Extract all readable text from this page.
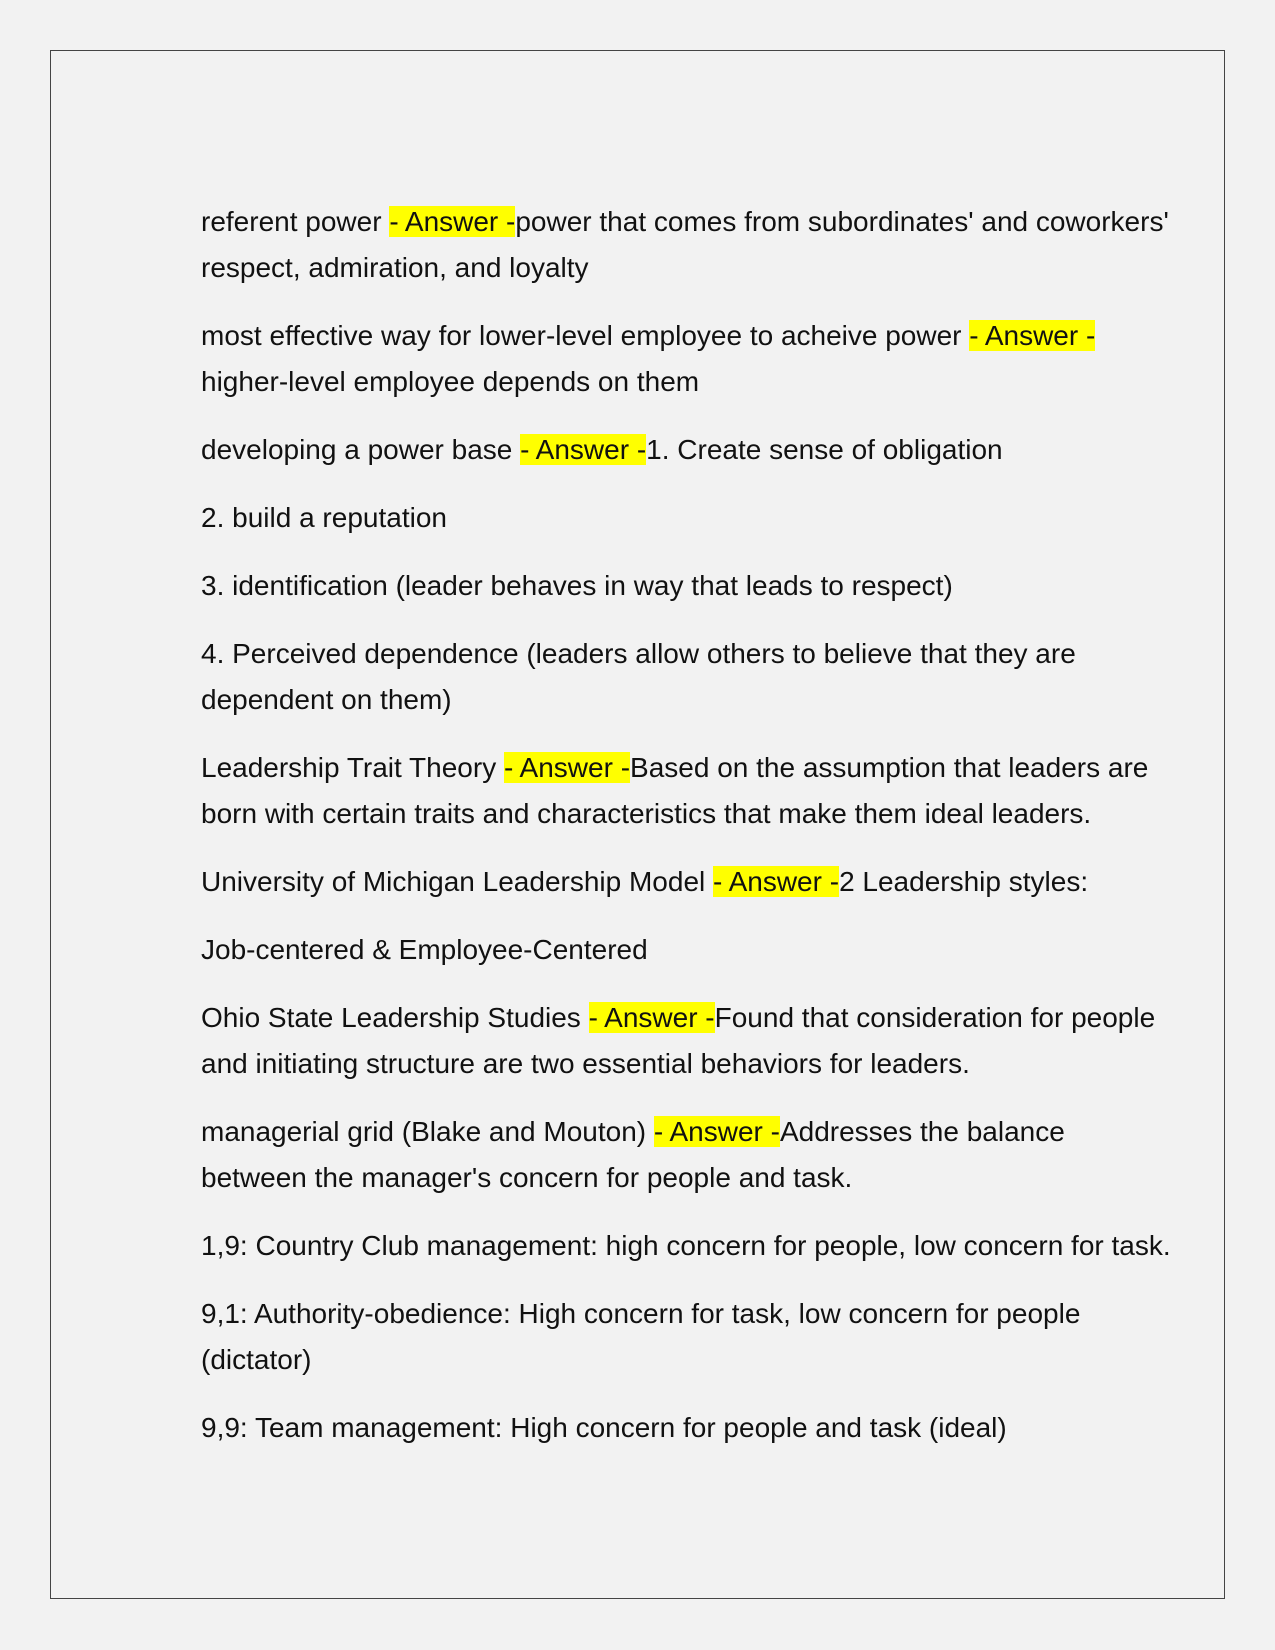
referent power - Answer -power that comes from subordinates' and coworkers' respect, admiration, and loyalty

most effective way for lower-level employee to acheive power - Answer -higher-level employee depends on them

developing a power base - Answer -1. Create sense of obligation

2. build a reputation

3. identification (leader behaves in way that leads to respect)

4. Perceived dependence (leaders allow others to believe that they are dependent on them)

Leadership Trait Theory - Answer -Based on the assumption that leaders are born with certain traits and characteristics that make them ideal leaders.

University of Michigan Leadership Model - Answer -2 Leadership styles:

Job-centered & Employee-Centered

Ohio State Leadership Studies - Answer -Found that consideration for people and initiating structure are two essential behaviors for leaders.

managerial grid (Blake and Mouton) - Answer -Addresses the balance between the manager's concern for people and task.

1,9: Country Club management: high concern for people, low concern for task.

9,1: Authority-obedience: High concern for task, low concern for people (dictator)

9,9: Team management: High concern for people and task (ideal)
